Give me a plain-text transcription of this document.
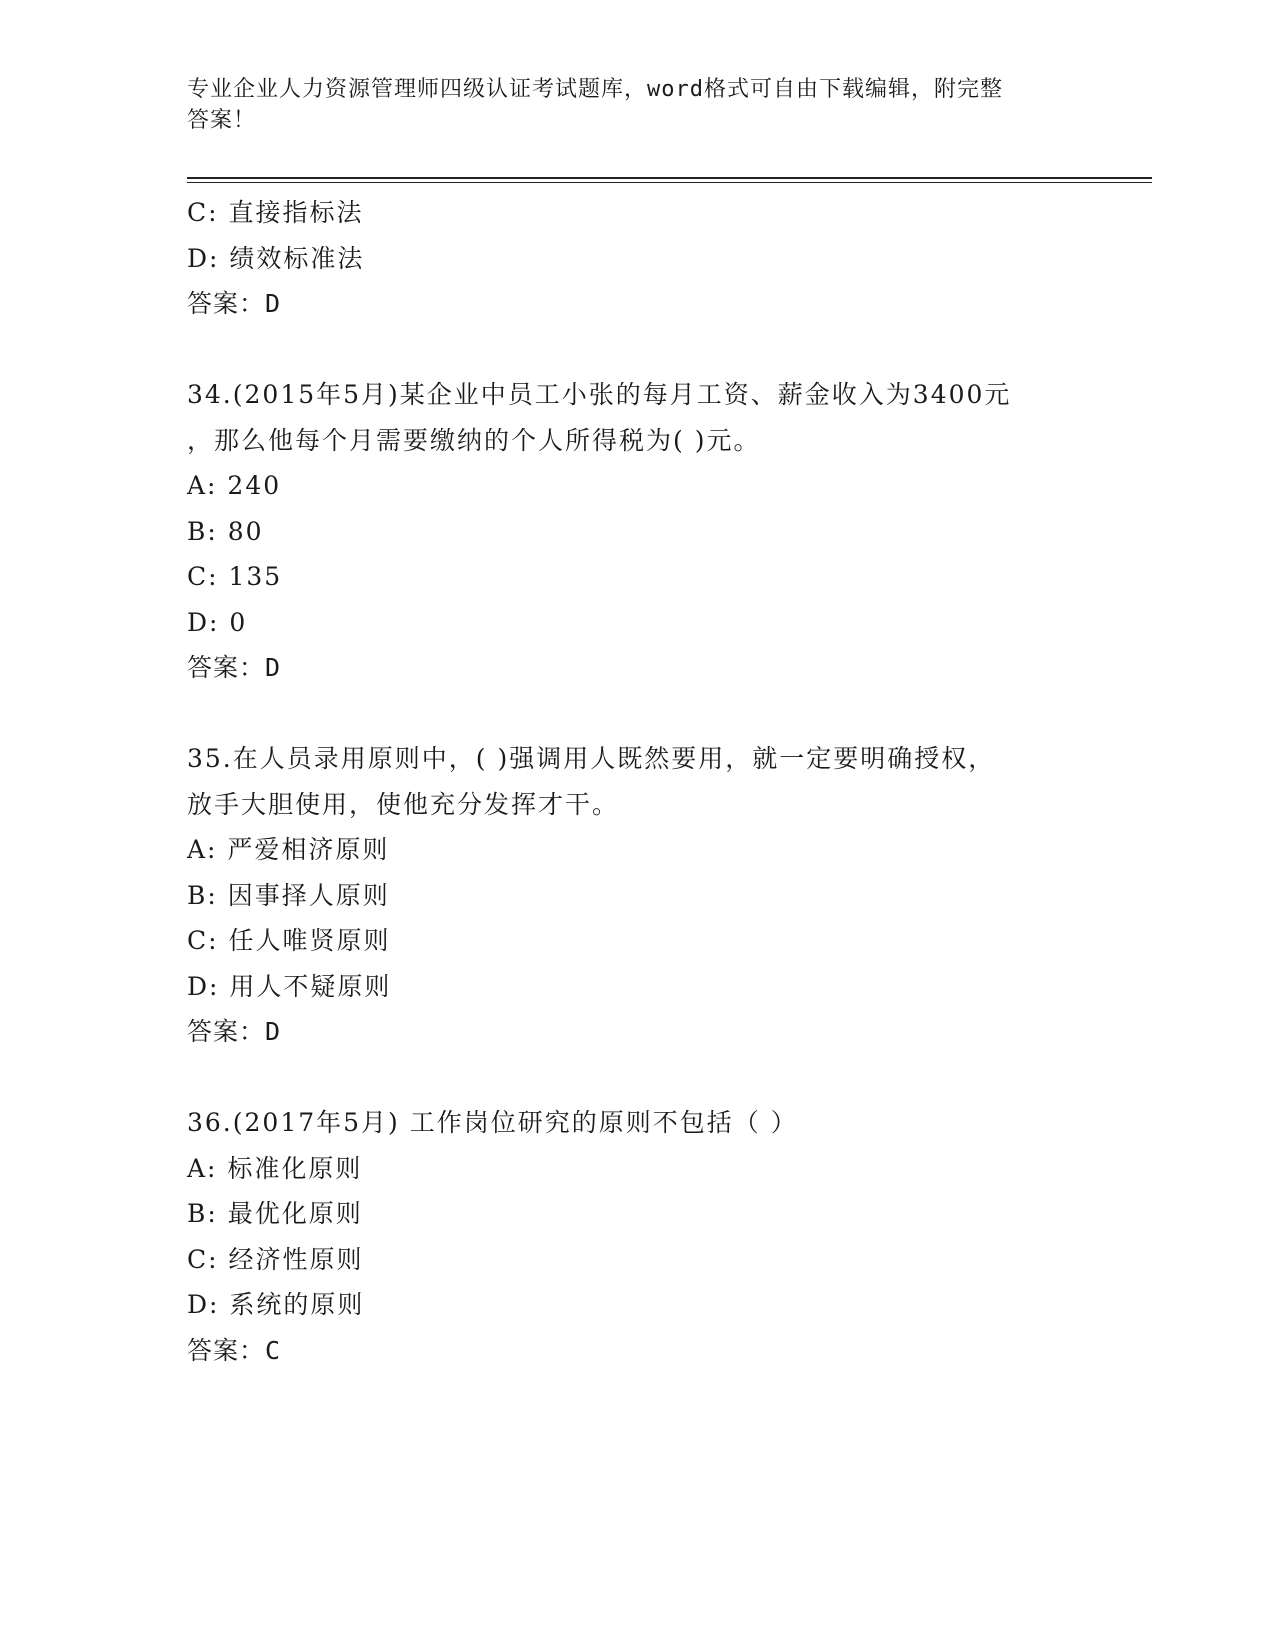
专业企业人力资源管理师四级认证考试题库，word格式可自由下载编辑，附完整
答案！
C: 直接指标法
D: 绩效标准法
答案：D
34.(2015年5月)某企业中员工小张的每月工资、薪金收入为3400元
，那么他每个月需要缴纳的个人所得税为( )元。
A: 240
B: 80
C: 135
D: 0
答案：D
35.在人员录用原则中，( )强调用人既然要用，就一定要明确授权，
放手大胆使用，使他充分发挥才干。
A: 严爱相济原则
B: 因事择人原则
C: 任人唯贤原则
D: 用人不疑原则
答案：D
36.(2017年5月) 工作岗位研究的原则不包括（ ）
A: 标准化原则
B: 最优化原则
C: 经济性原则
D: 系统的原则
答案：C
